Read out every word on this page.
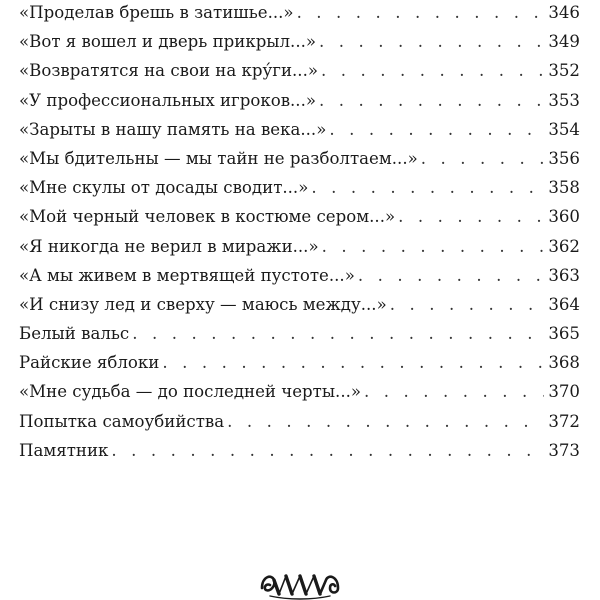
«Проделав брешь в затишье...» . . .	346
«Вот я вошел и дверь прикрыл...» . . .	349
«Возвратятся на свои на кру́ги...» . . .	352
«У профессиональных игроков...» . . .	353
«Зарыты в нашу память на века...» . . .	354
«Мы бдительны — мы тайн не разболтаем...» . . .	356
«Мне скулы от досады сводит...» . . .	358
«Мой черный человек в костюме сером...» . . .	360
«Я никогда не верил в миражи...» . . .	362
«А мы живем в мертвящей пустоте...» . . .	363
«И снизу лед и сверху — маюсь между...» . . .	364
Белый вальс . . .	365
Райские яблоки . . .	368
«Мне судьба — до последней черты...» . . .	370
Попытка самоубийства . . .	372
Памятник . . .	373
